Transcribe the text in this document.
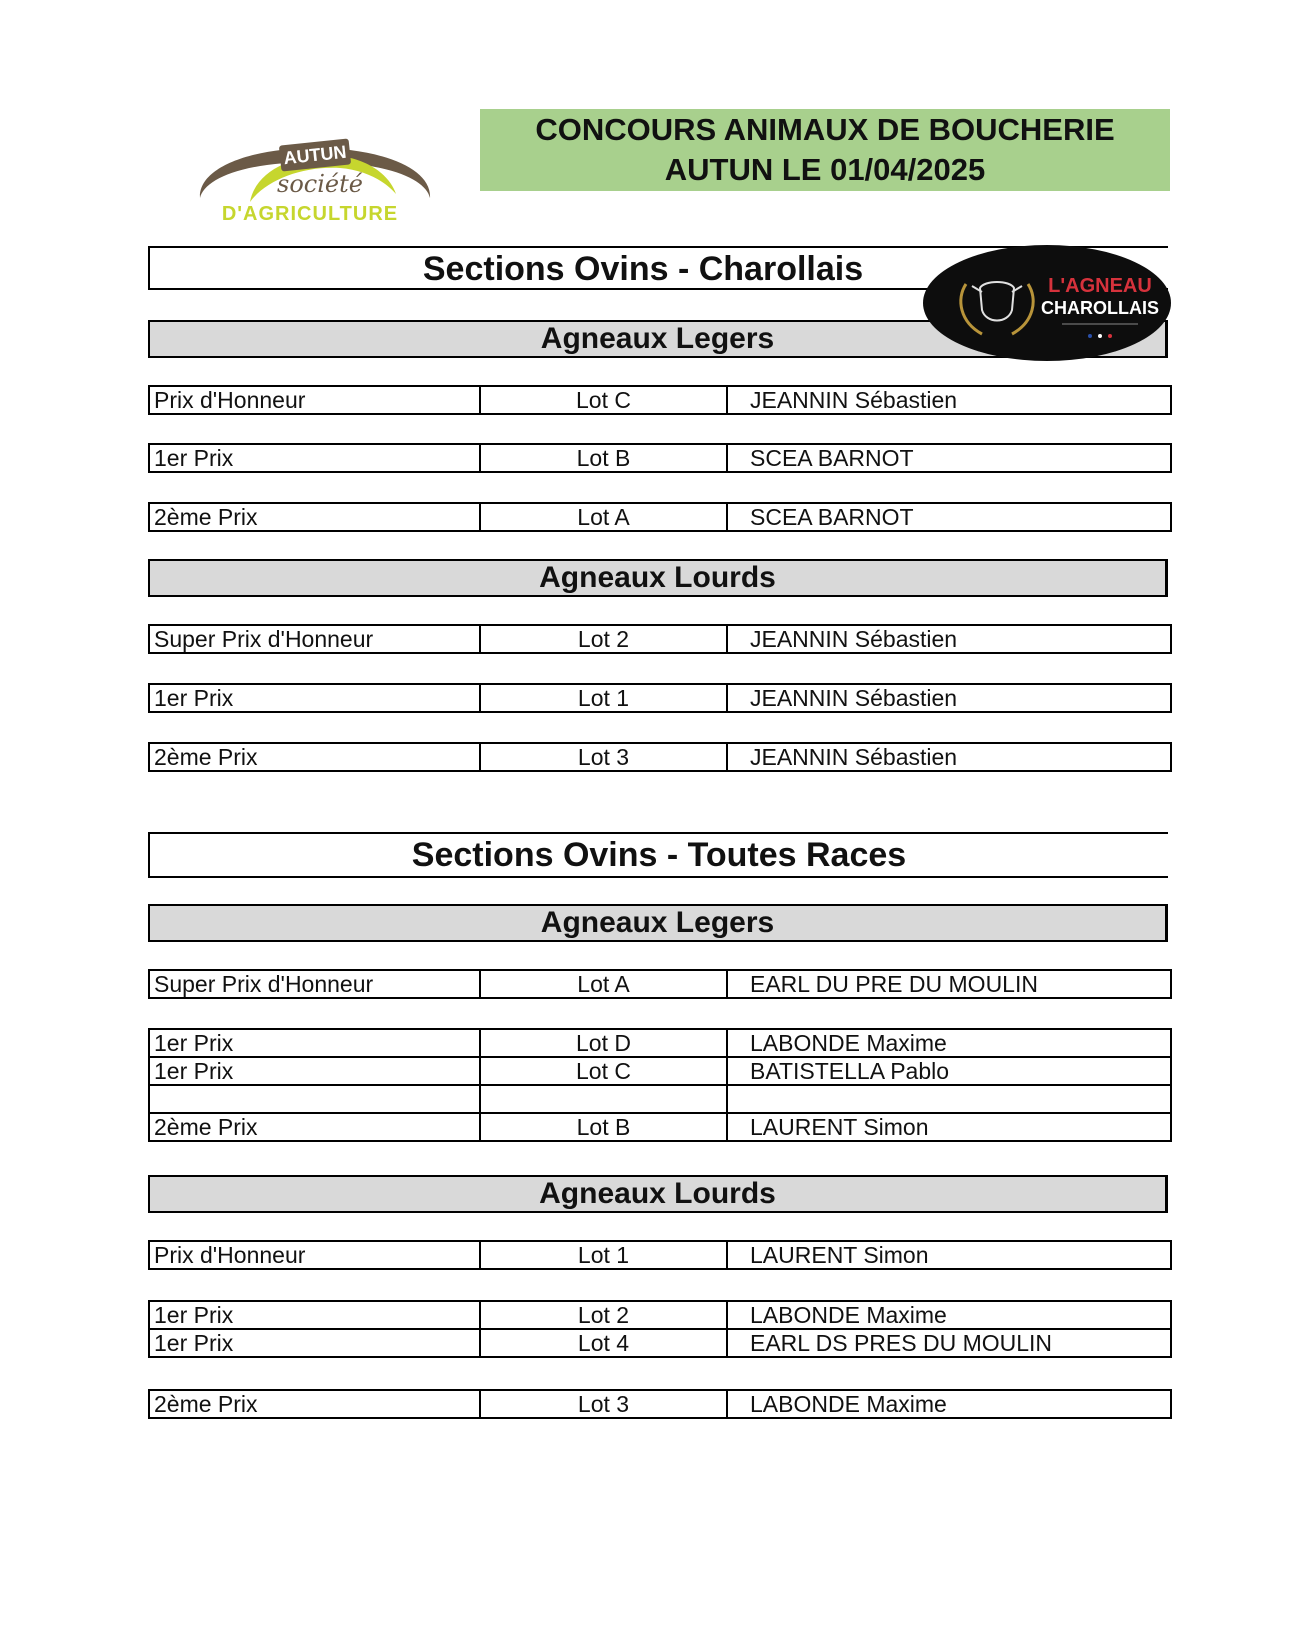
AUTUN
société
D'AGRICULTURE
CONCOURS ANIMAUX DE BOUCHERIE
AUTUN LE 01/04/2025
Sections Ovins - Charollais
Agneaux Legers
L'AGNEAU
CHAROLLAIS
Prix d'Honneur	Lot C	JEANNIN Sébastien
1er Prix	Lot B	SCEA BARNOT
2ème Prix	Lot A	SCEA BARNOT
Agneaux Lourds
Super Prix d'Honneur	Lot 2	JEANNIN Sébastien
1er Prix	Lot 1	JEANNIN Sébastien
2ème Prix	Lot 3	JEANNIN Sébastien
Sections Ovins - Toutes Races
Agneaux Legers
Super Prix d'Honneur	Lot A	EARL DU PRE DU MOULIN
1er Prix	Lot D	LABONDE Maxime
1er Prix	Lot C	BATISTELLA Pablo

2ème Prix	Lot B	LAURENT Simon
Agneaux Lourds
Prix d'Honneur	Lot 1	LAURENT Simon
1er Prix	Lot 2	LABONDE Maxime
1er Prix	Lot 4	EARL DS PRES DU MOULIN
2ème Prix	Lot 3	LABONDE Maxime
